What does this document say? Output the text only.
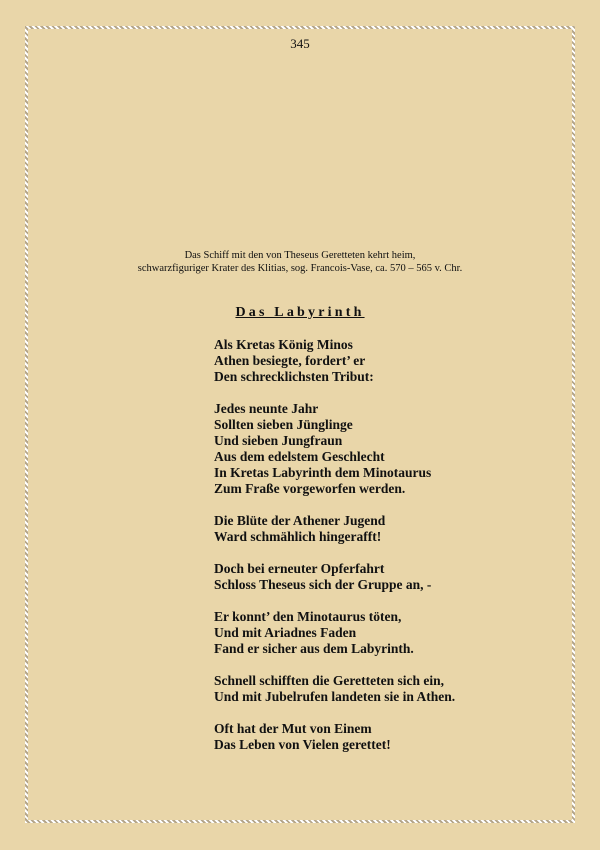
345
Das Schiff mit den von Theseus Geretteten kehrt heim,
schwarzfiguriger Krater des Klitias, sog. Francois-Vase, ca. 570 – 565 v. Chr.
Das Labyrinth
Als Kretas König Minos
Athen besiegte, fordert’ er
Den schrecklichsten Tribut:
Jedes neunte Jahr
Sollten sieben Jünglinge
Und sieben Jungfraun
Aus dem edelstem Geschlecht
In Kretas Labyrinth dem Minotaurus
Zum Fraße vorgeworfen werden.
Die Blüte der Athener Jugend
Ward schmählich hingerafft!
Doch bei erneuter Opferfahrt
Schloss Theseus sich der Gruppe an, -
Er konnt’ den Minotaurus töten,
Und mit Ariadnes Faden
Fand er sicher aus dem Labyrinth.
Schnell schifften die Geretteten sich ein,
Und mit Jubelrufen landeten sie in Athen.
Oft hat der Mut von Einem
Das Leben von Vielen gerettet!
